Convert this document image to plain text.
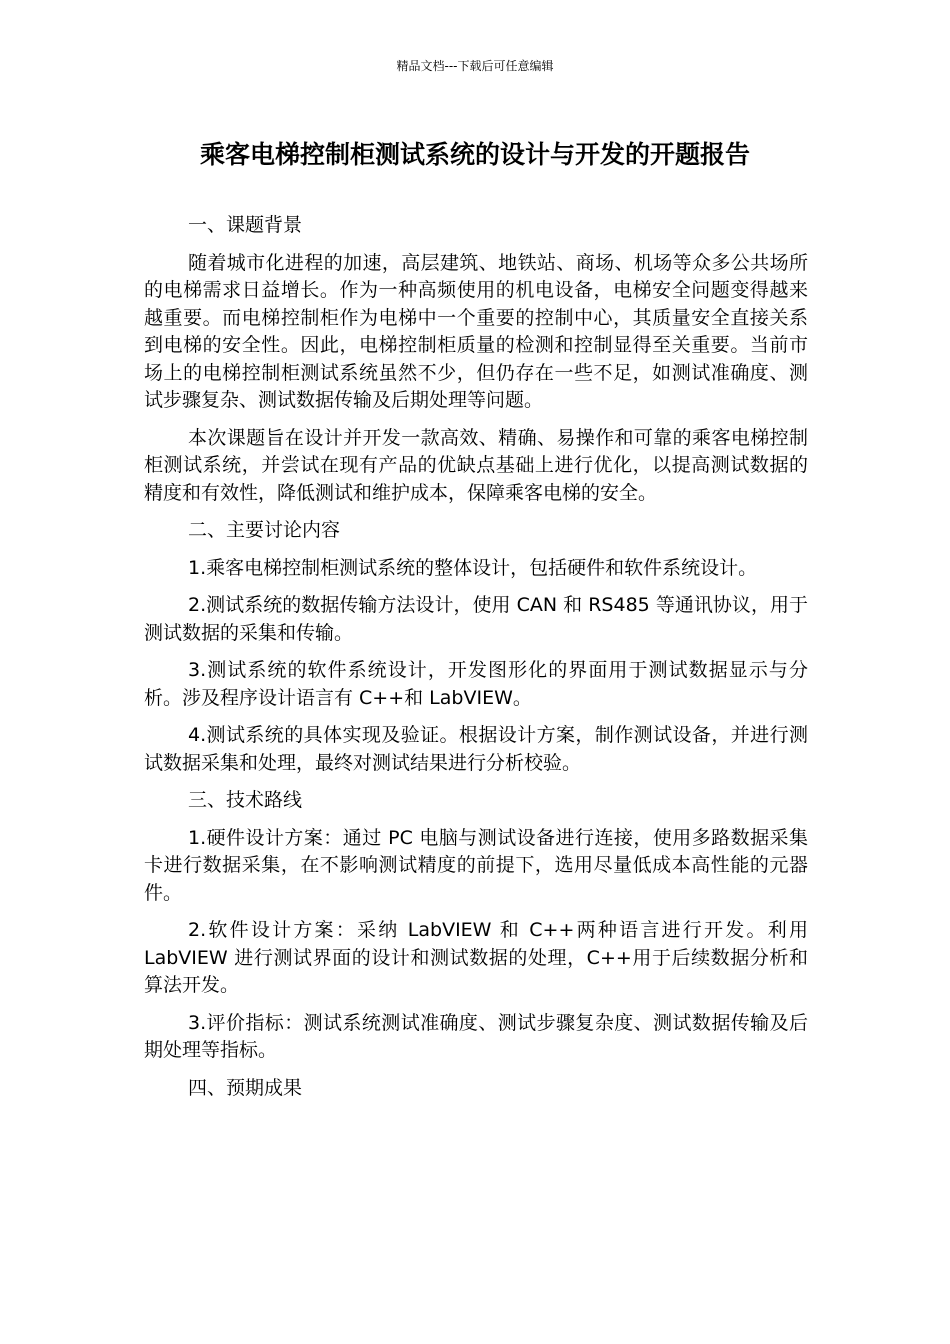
精品文档---下载后可任意编辑
乘客电梯控制柜测试系统的设计与开发的开题报告

一、课题背景

随着城市化进程的加速，高层建筑、地铁站、商场、机场等众多公共场所的电梯需求日益增长。作为一种高频使用的机电设备，电梯安全问题变得越来越重要。而电梯控制柜作为电梯中一个重要的控制中心，其质量安全直接关系到电梯的安全性。因此，电梯控制柜质量的检测和控制显得至关重要。当前市场上的电梯控制柜测试系统虽然不少，但仍存在一些不足，如测试准确度、测试步骤复杂、测试数据传输及后期处理等问题。

本次课题旨在设计并开发一款高效、精确、易操作和可靠的乘客电梯控制柜测试系统，并尝试在现有产品的优缺点基础上进行优化，以提高测试数据的精度和有效性，降低测试和维护成本，保障乘客电梯的安全。

二、主要讨论内容

1.乘客电梯控制柜测试系统的整体设计，包括硬件和软件系统设计。

2.测试系统的数据传输方法设计，使用 CAN 和 RS485 等通讯协议，用于测试数据的采集和传输。

3.测试系统的软件系统设计，开发图形化的界面用于测试数据显示与分析。涉及程序设计语言有 C++和 LabVIEW。

4.测试系统的具体实现及验证。根据设计方案，制作测试设备，并进行测试数据采集和处理，最终对测试结果进行分析校验。

三、技术路线

1.硬件设计方案：通过 PC 电脑与测试设备进行连接，使用多路数据采集卡进行数据采集，在不影响测试精度的前提下，选用尽量低成本高性能的元器件。

2.软件设计方案：采纳 LabVIEW 和 C++两种语言进行开发。利用 LabVIEW 进行测试界面的设计和测试数据的处理，C++用于后续数据分析和算法开发。

3.评价指标：测试系统测试准确度、测试步骤复杂度、测试数据传输及后期处理等指标。

四、预期成果
